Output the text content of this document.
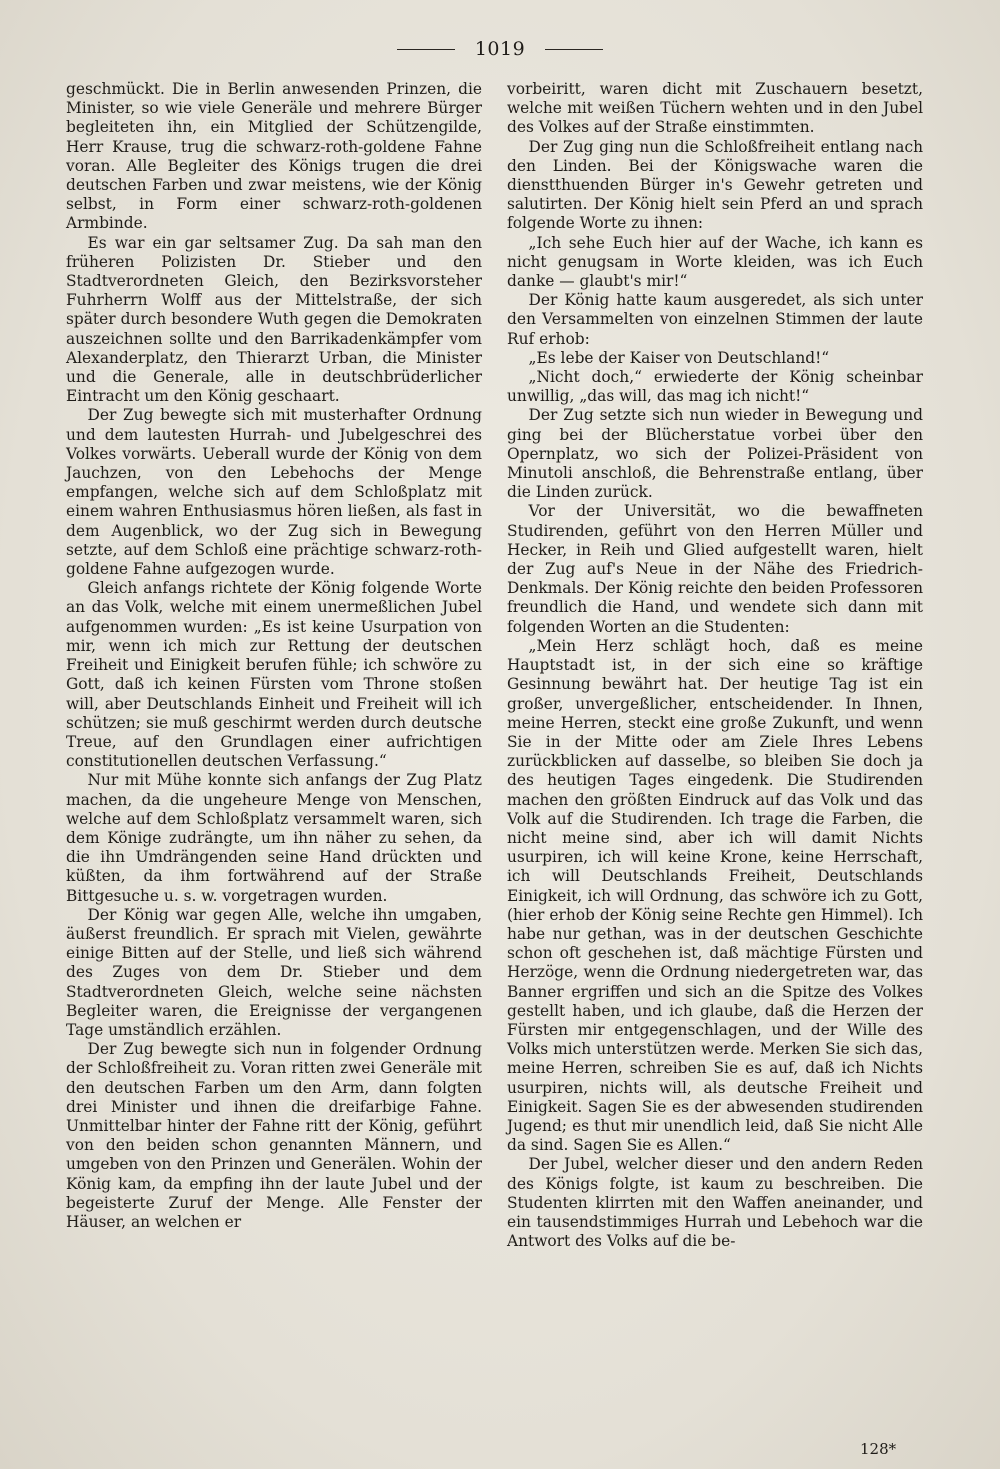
1019

geschmückt. Die in Berlin anwesenden Prinzen, die Minister, so wie viele Generäle und mehrere Bürger begleiteten ihn, ein Mitglied der Schützengilde, Herr Krause, trug die schwarz-roth-goldene Fahne voran. Alle Begleiter des Königs trugen die drei deutschen Farben und zwar meistens, wie der König selbst, in Form einer schwarz-roth-goldenen Armbinde.

Es war ein gar seltsamer Zug. Da sah man den früheren Polizisten Dr. Stieber und den Stadtverordneten Gleich, den Bezirksvorsteher Fuhrherrn Wolff aus der Mittelstraße, der sich später durch besondere Wuth gegen die Demokraten auszeichnen sollte und den Barrikadenkämpfer vom Alexanderplatz, den Thierarzt Urban, die Minister und die Generale, alle in deutschbrüderlicher Eintracht um den König geschaart.

Der Zug bewegte sich mit musterhafter Ordnung und dem lautesten Hurrah- und Jubelgeschrei des Volkes vorwärts. Ueberall wurde der König von dem Jauchzen, von den Lebehochs der Menge empfangen, welche sich auf dem Schloßplatz mit einem wahren Enthusiasmus hören ließen, als fast in dem Augenblick, wo der Zug sich in Bewegung setzte, auf dem Schloß eine prächtige schwarz-roth-goldene Fahne aufgezogen wurde.

Gleich anfangs richtete der König folgende Worte an das Volk, welche mit einem unermeßlichen Jubel aufgenommen wurden: „Es ist keine Usurpation von mir, wenn ich mich zur Rettung der deutschen Freiheit und Einigkeit berufen fühle; ich schwöre zu Gott, daß ich keinen Fürsten vom Throne stoßen will, aber Deutschlands Einheit und Freiheit will ich schützen; sie muß geschirmt werden durch deutsche Treue, auf den Grundlagen einer aufrichtigen constitutionellen deutschen Verfassung.“

Nur mit Mühe konnte sich anfangs der Zug Platz machen, da die ungeheure Menge von Menschen, welche auf dem Schloßplatz versammelt waren, sich dem Könige zudrängte, um ihn näher zu sehen, da die ihn Umdrängenden seine Hand drückten und küßten, da ihm fortwährend auf der Straße Bittgesuche u. s. w. vorgetragen wurden.

Der König war gegen Alle, welche ihn umgaben, äußerst freundlich. Er sprach mit Vielen, gewährte einige Bitten auf der Stelle, und ließ sich während des Zuges von dem Dr. Stieber und dem Stadtverordneten Gleich, welche seine nächsten Begleiter waren, die Ereignisse der vergangenen Tage umständlich erzählen.

Der Zug bewegte sich nun in folgender Ordnung der Schloßfreiheit zu. Voran ritten zwei Generäle mit den deutschen Farben um den Arm, dann folgten drei Minister und ihnen die dreifarbige Fahne. Unmittelbar hinter der Fahne ritt der König, geführt von den beiden schon genannten Männern, und umgeben von den Prinzen und Generälen. Wohin der König kam, da empfing ihn der laute Jubel und der begeisterte Zuruf der Menge. Alle Fenster der Häuser, an welchen er

vorbeiritt, waren dicht mit Zuschauern besetzt, welche mit weißen Tüchern wehten und in den Jubel des Volkes auf der Straße einstimmten.

Der Zug ging nun die Schloßfreiheit entlang nach den Linden. Bei der Königswache waren die dienstthuenden Bürger in's Gewehr getreten und salutirten. Der König hielt sein Pferd an und sprach folgende Worte zu ihnen:

„Ich sehe Euch hier auf der Wache, ich kann es nicht genugsam in Worte kleiden, was ich Euch danke — glaubt's mir!“

Der König hatte kaum ausgeredet, als sich unter den Versammelten von einzelnen Stimmen der laute Ruf erhob:

„Es lebe der Kaiser von Deutschland!“

„Nicht doch,“ erwiederte der König scheinbar unwillig, „das will, das mag ich nicht!“

Der Zug setzte sich nun wieder in Bewegung und ging bei der Blücherstatue vorbei über den Opernplatz, wo sich der Polizei-Präsident von Minutoli anschloß, die Behrenstraße entlang, über die Linden zurück.

Vor der Universität, wo die bewaffneten Studirenden, geführt von den Herren Müller und Hecker, in Reih und Glied aufgestellt waren, hielt der Zug auf's Neue in der Nähe des Friedrich-Denkmals. Der König reichte den beiden Professoren freundlich die Hand, und wendete sich dann mit folgenden Worten an die Studenten:

„Mein Herz schlägt hoch, daß es meine Hauptstadt ist, in der sich eine so kräftige Gesinnung bewährt hat. Der heutige Tag ist ein großer, unvergeßlicher, entscheidender. In Ihnen, meine Herren, steckt eine große Zukunft, und wenn Sie in der Mitte oder am Ziele Ihres Lebens zurückblicken auf dasselbe, so bleiben Sie doch ja des heutigen Tages eingedenk. Die Studirenden machen den größten Eindruck auf das Volk und das Volk auf die Studirenden. Ich trage die Farben, die nicht meine sind, aber ich will damit Nichts usurpiren, ich will keine Krone, keine Herrschaft, ich will Deutschlands Freiheit, Deutschlands Einigkeit, ich will Ordnung, das schwöre ich zu Gott, (hier erhob der König seine Rechte gen Himmel). Ich habe nur gethan, was in der deutschen Geschichte schon oft geschehen ist, daß mächtige Fürsten und Herzöge, wenn die Ordnung niedergetreten war, das Banner ergriffen und sich an die Spitze des Volkes gestellt haben, und ich glaube, daß die Herzen der Fürsten mir entgegenschlagen, und der Wille des Volks mich unterstützen werde. Merken Sie sich das, meine Herren, schreiben Sie es auf, daß ich Nichts usurpiren, nichts will, als deutsche Freiheit und Einigkeit. Sagen Sie es der abwesenden studirenden Jugend; es thut mir unendlich leid, daß Sie nicht Alle da sind. Sagen Sie es Allen.“

Der Jubel, welcher dieser und den andern Reden des Königs folgte, ist kaum zu beschreiben. Die Studenten klirrten mit den Waffen aneinander, und ein tausendstimmiges Hurrah und Lebehoch war die Antwort des Volks auf die be-

128*
